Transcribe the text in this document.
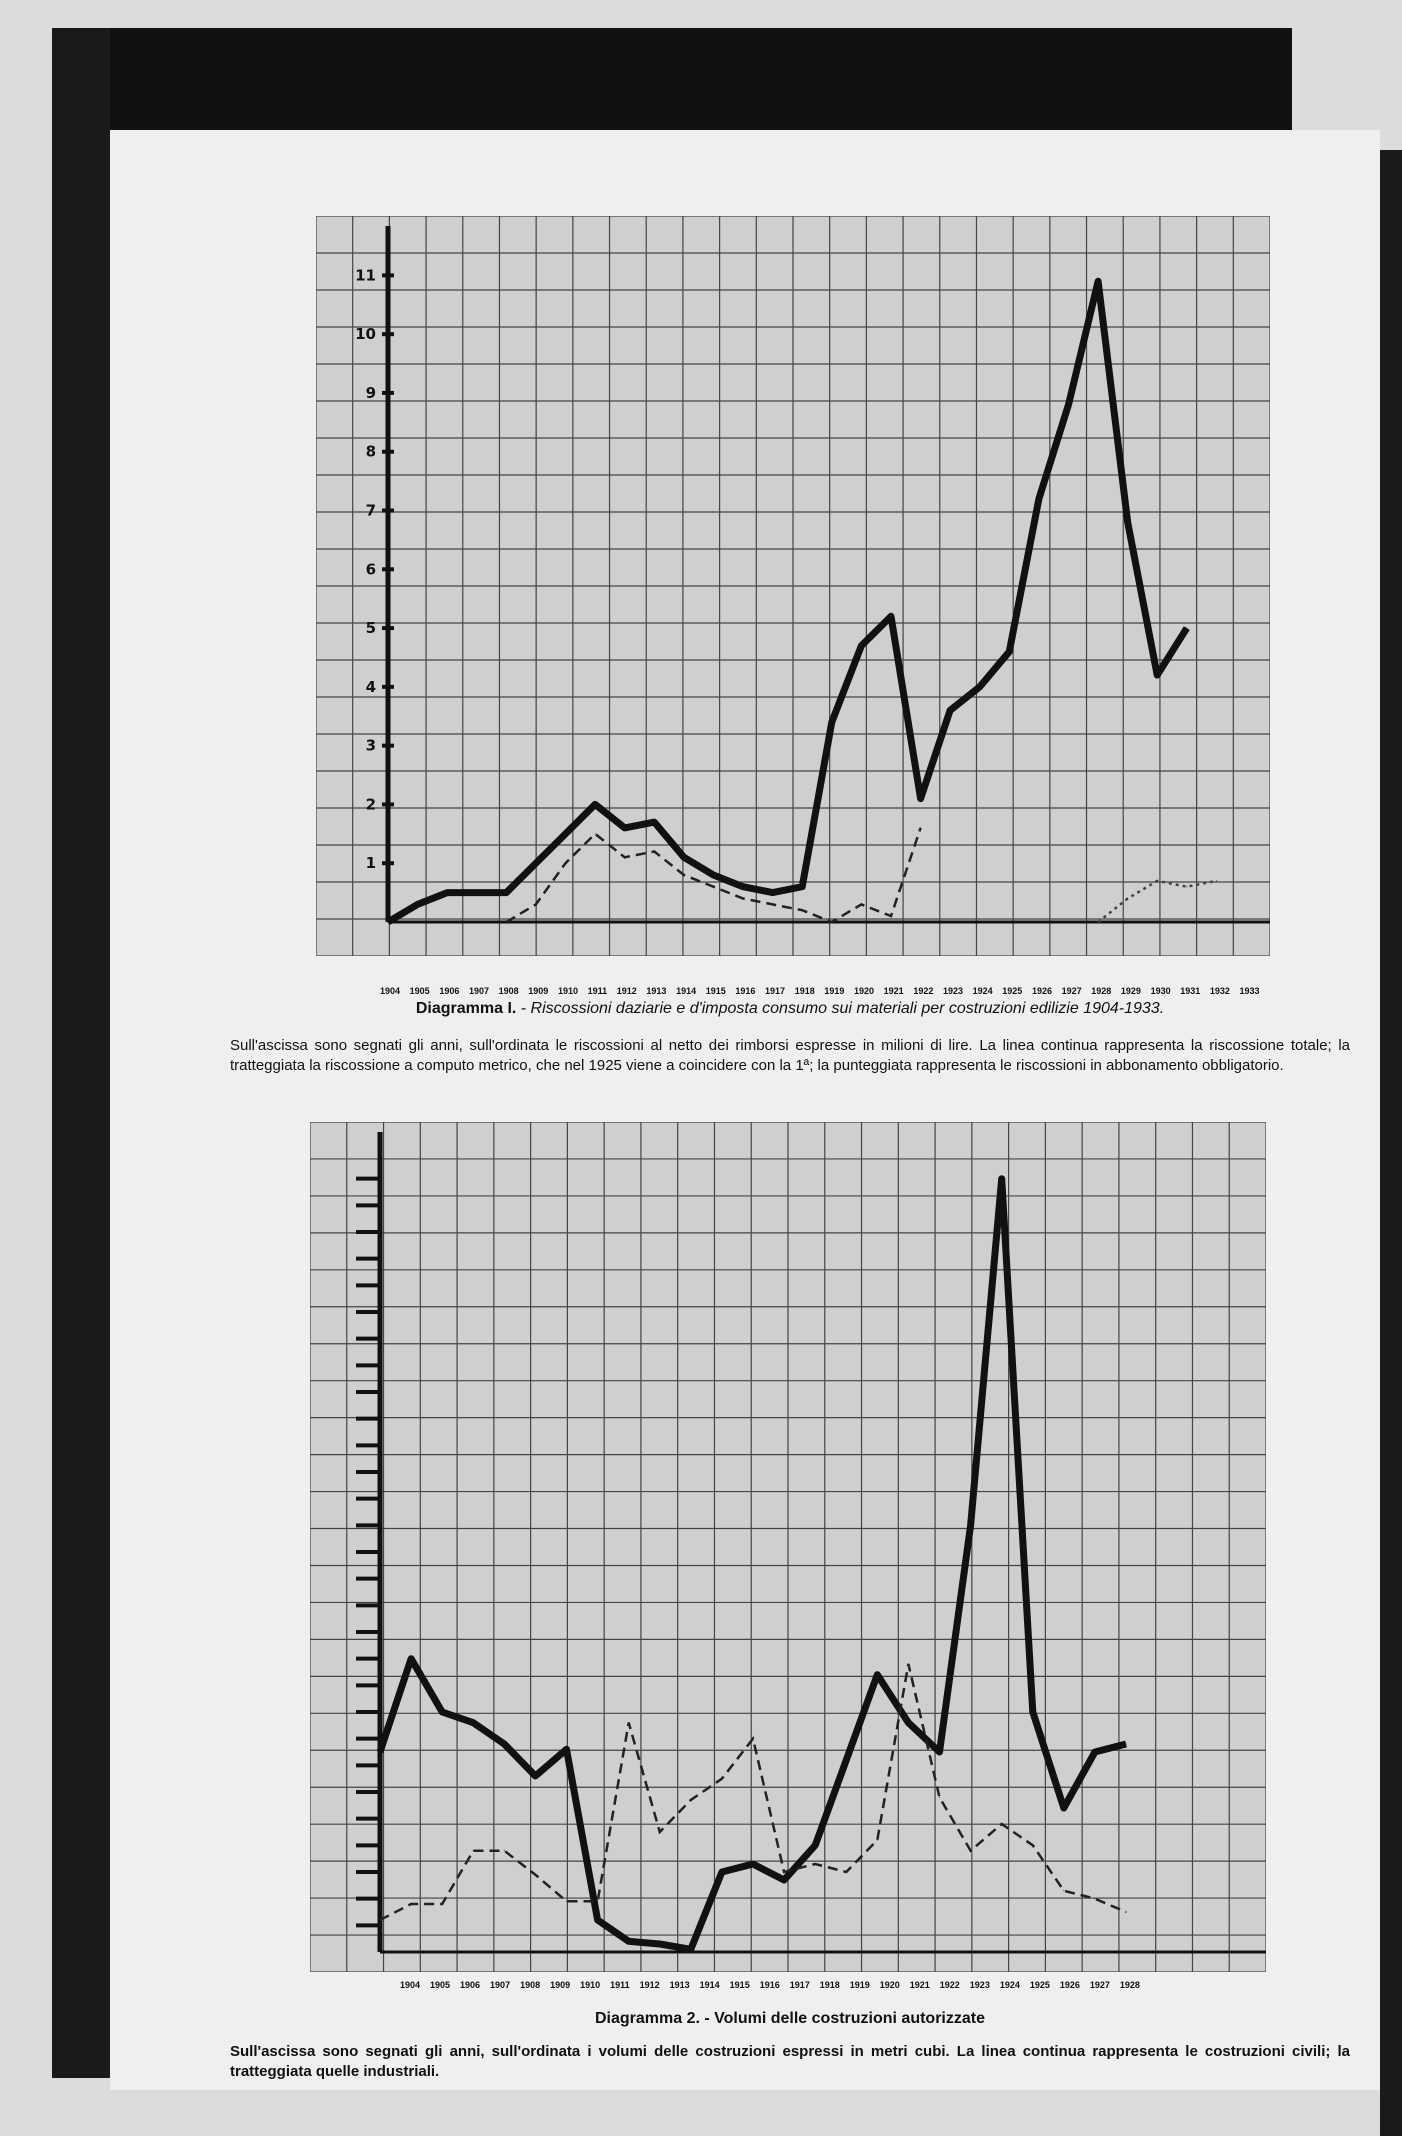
1
2
3
4
5
6
7
8
9
10
11
1904 1905 1906 1907 1908 1909 1910 1911 1912 1913 1914 1915 1916 1917 1918 1919 1920 1921 1922 1923 1924 1925 1926 1927 1928 1929 1930 1931 1932 1933
Diagramma I. - Riscossioni daziarie e d'imposta consumo sui materiali per costruzioni edilizie 1904-1933.
Sull'ascissa sono segnati gli anni, sull'ordinata le riscossioni al netto dei rimborsi espresse in milioni di lire. La linea continua rappresenta la riscossione totale; la tratteggiata la riscossione a computo metrico, che nel 1925 viene a coincidere con la 1ª; la punteggiata rappresenta le riscossioni in abbonamento obbligatorio.
1904 1905 1906 1907 1908 1909 1910 1911 1912 1913 1914 1915 1916 1917 1918 1919 1920 1921 1922 1923 1924 1925 1926 1927 1928
Diagramma 2. - Volumi delle costruzioni autorizzate
Sull'ascissa sono segnati gli anni, sull'ordinata i volumi delle costruzioni espressi in metri cubi. La linea continua rappresenta le costruzioni civili; la tratteggiata quelle industriali.
